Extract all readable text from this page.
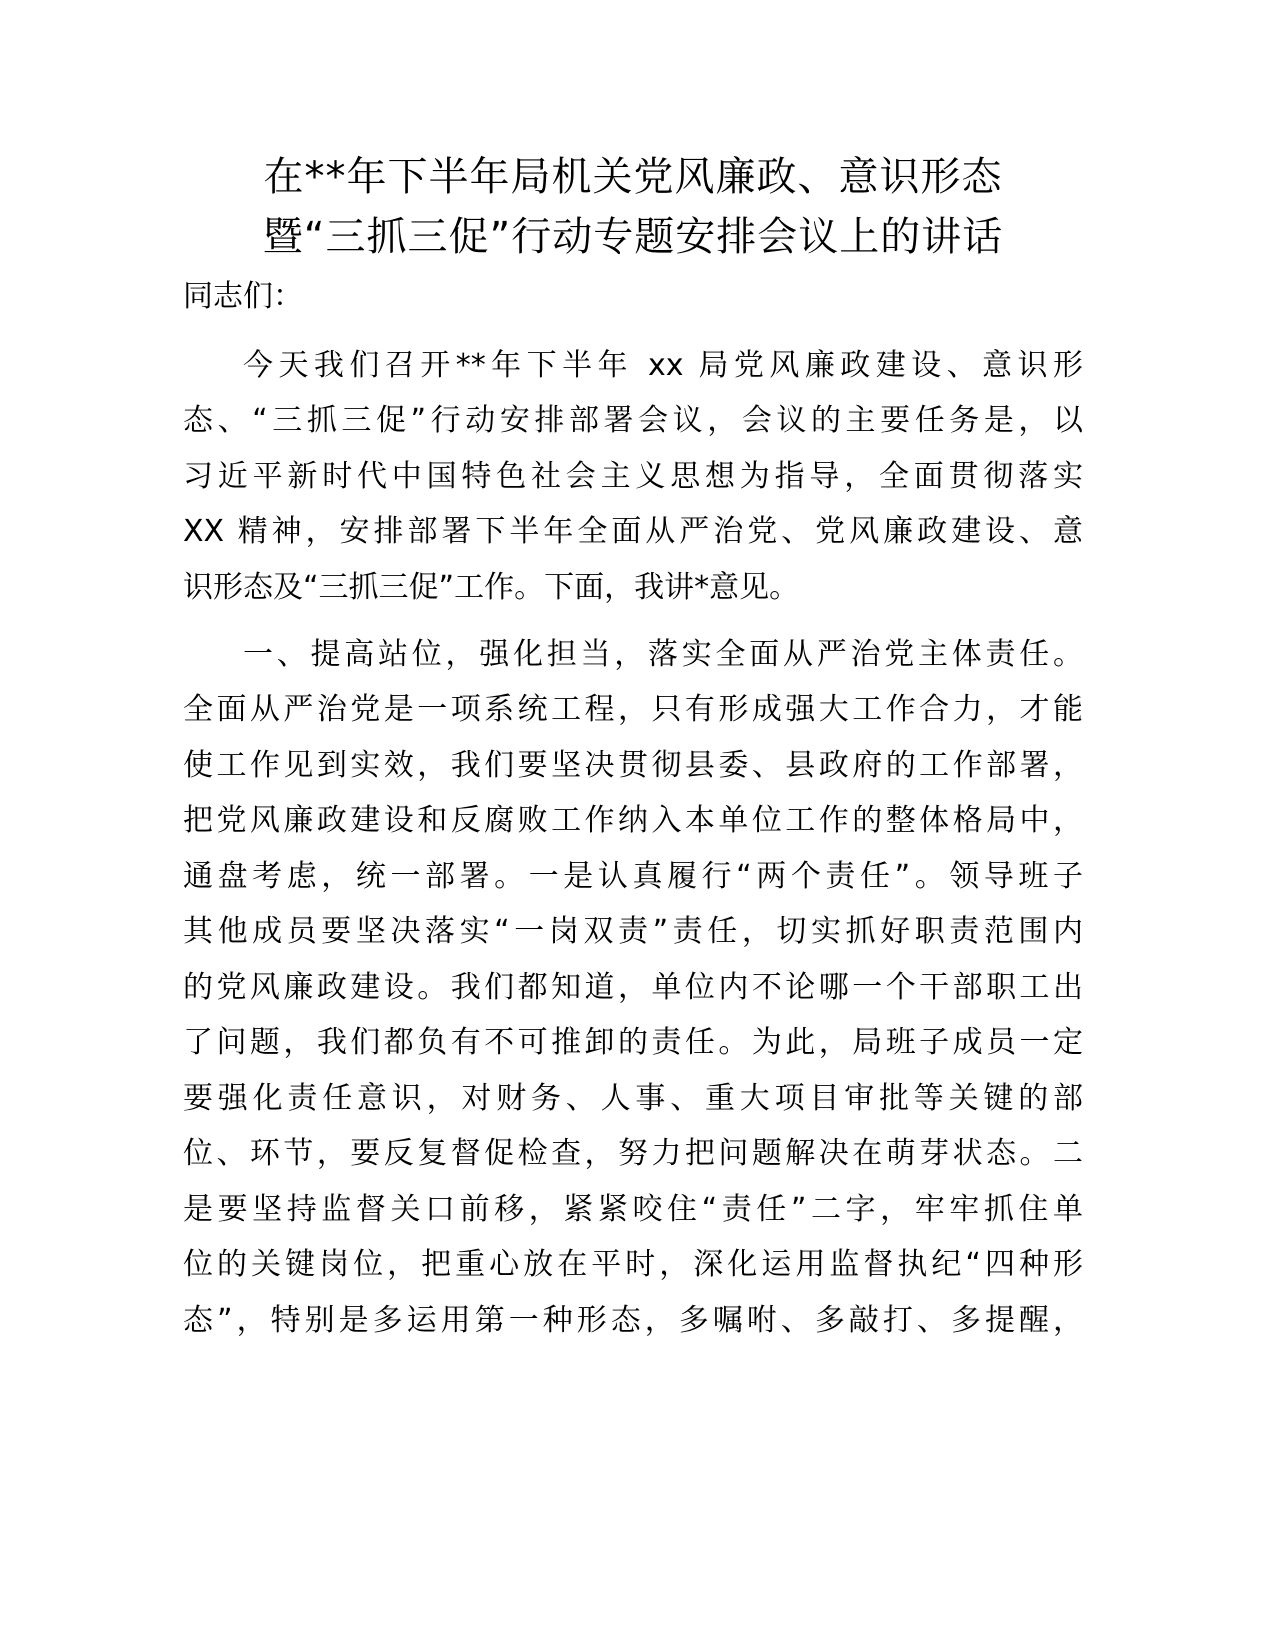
在**年下半年局机关党风廉政、意识形态
暨“三抓三促”行动专题安排会议上的讲话

同志们：

今天我们召开**年下半年 xx 局党风廉政建设、意识形

态、“三抓三促”行动安排部署会议，会议的主要任务是，以

习近平新时代中国特色社会主义思想为指导，全面贯彻落实

XX 精神，安排部署下半年全面从严治党、党风廉政建设、意

识形态及“三抓三促”工作。下面，我讲*意见。

一、提高站位，强化担当，落实全面从严治党主体责任。

全面从严治党是一项系统工程，只有形成强大工作合力，才能

使工作见到实效，我们要坚决贯彻县委、县政府的工作部署，

把党风廉政建设和反腐败工作纳入本单位工作的整体格局中，

通盘考虑，统一部署。一是认真履行“两个责任”。领导班子

其他成员要坚决落实“一岗双责”责任，切实抓好职责范围内

的党风廉政建设。我们都知道，单位内不论哪一个干部职工出

了问题，我们都负有不可推卸的责任。为此，局班子成员一定

要强化责任意识，对财务、人事、重大项目审批等关键的部

位、环节，要反复督促检查，努力把问题解决在萌芽状态。二

是要坚持监督关口前移，紧紧咬住“责任”二字，牢牢抓住单

位的关键岗位，把重心放在平时，深化运用监督执纪“四种形

态”，特别是多运用第一种形态，多嘱咐、多敲打、多提醒，
